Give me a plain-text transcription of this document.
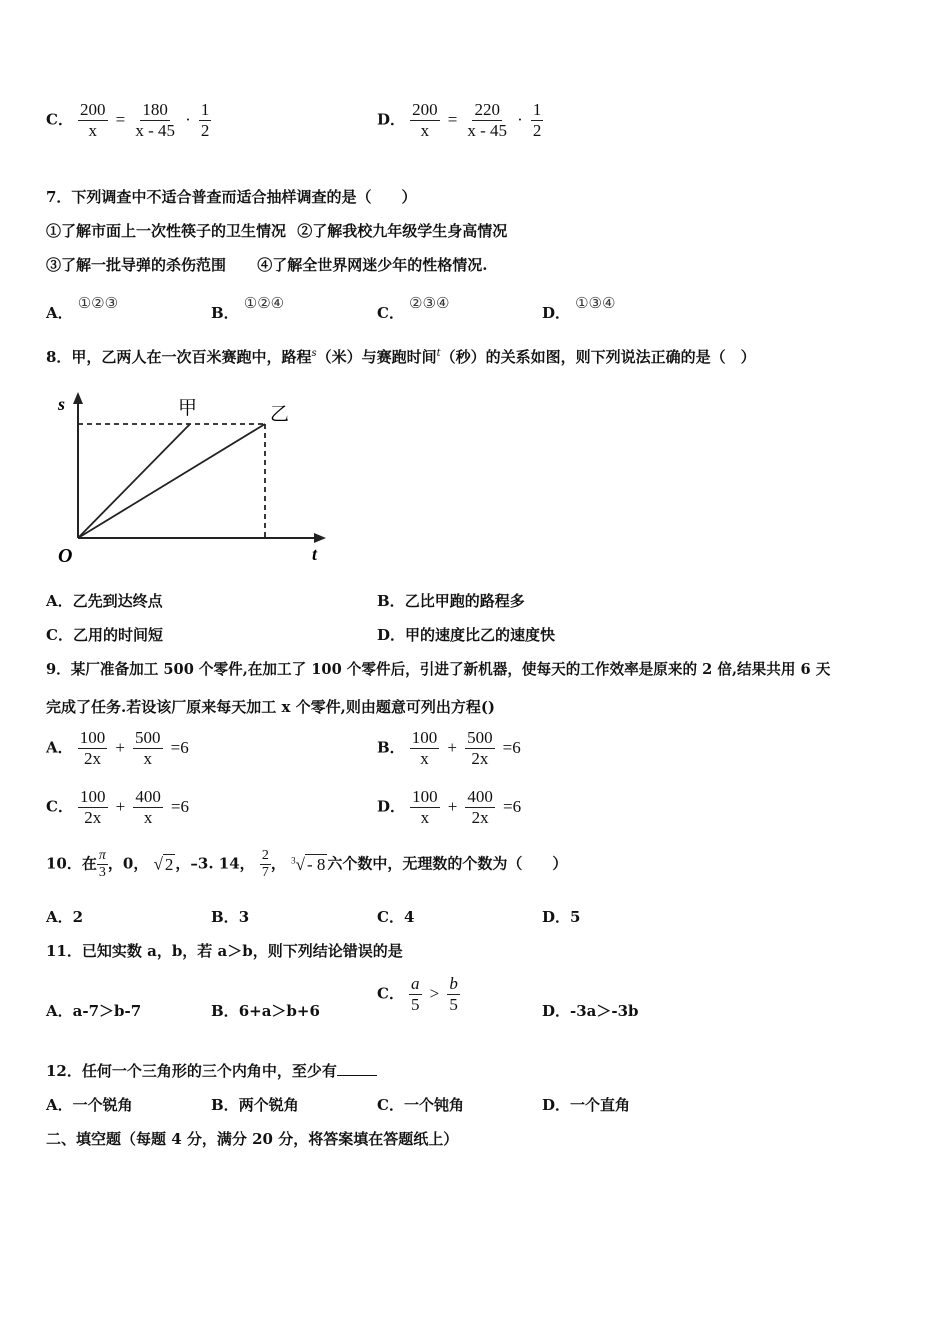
C． $\frac{200}{x} = \frac{180}{x - 45} \cdot \frac{1}{2}$	D． $\frac{200}{x} = \frac{220}{x - 45} \cdot \frac{1}{2}$
7．下列调查中不适合普查而适合抽样调查的是（　　）
①了解市面上一次性筷子的卫生情况 ②了解我校九年级学生身高情况
③了解一批导弹的杀伤范围 ④了解全世界网迷少年的性格情况.
A． ①②③
B． ①②④
C． ②③④
D． ①③④
8．甲，乙两人在一次百米赛跑中，路程$^s$（米）与赛跑时间$^t$（秒）的关系如图，则下列说法正确的是（　）
s
t
O
甲	乙
A．乙先到达终点	B．乙比甲跑的路程多
C．乙用的时间短	D．甲的速度比乙的速度快
9．某厂准备加工 500 个零件,在加工了 100 个零件后，引进了新机器，使每天的工作效率是原来的 2 倍,结果共用 6 天
完成了任务.若设该厂原来每天加工 x 个零件,则由题意可列出方程()
A． $\frac{100}{2x} + \frac{500}{x} =6$	B． $\frac{100}{x} + \frac{500}{2x} =6$
C． $\frac{100}{2x} + \frac{400}{x} =6$	D． $\frac{100}{x} + \frac{400}{2x} =6$
10．在 $\frac{\pi}{3}$ ，0， √ 2 ，–3. 14， $\frac{2}{7}$ ， $^3$√ - 8 六个数中，无理数的个数为（　　）
A．2	B．3	C．4	D．5
11．已知实数 a，b，若 a＞b，则下列结论错误的是
A．a-7＞b-7	B．6+a＞b+6
C． $\frac{a}{5} > \frac{b}{5}$	D．-3a＞-3b
12．任何一个三角形的三个内角中，至少有
A．一个锐角	B．两个锐角	C．一个钝角	D．一个直角
二、填空题（每题 4 分，满分 20 分，将答案填在答题纸上）
